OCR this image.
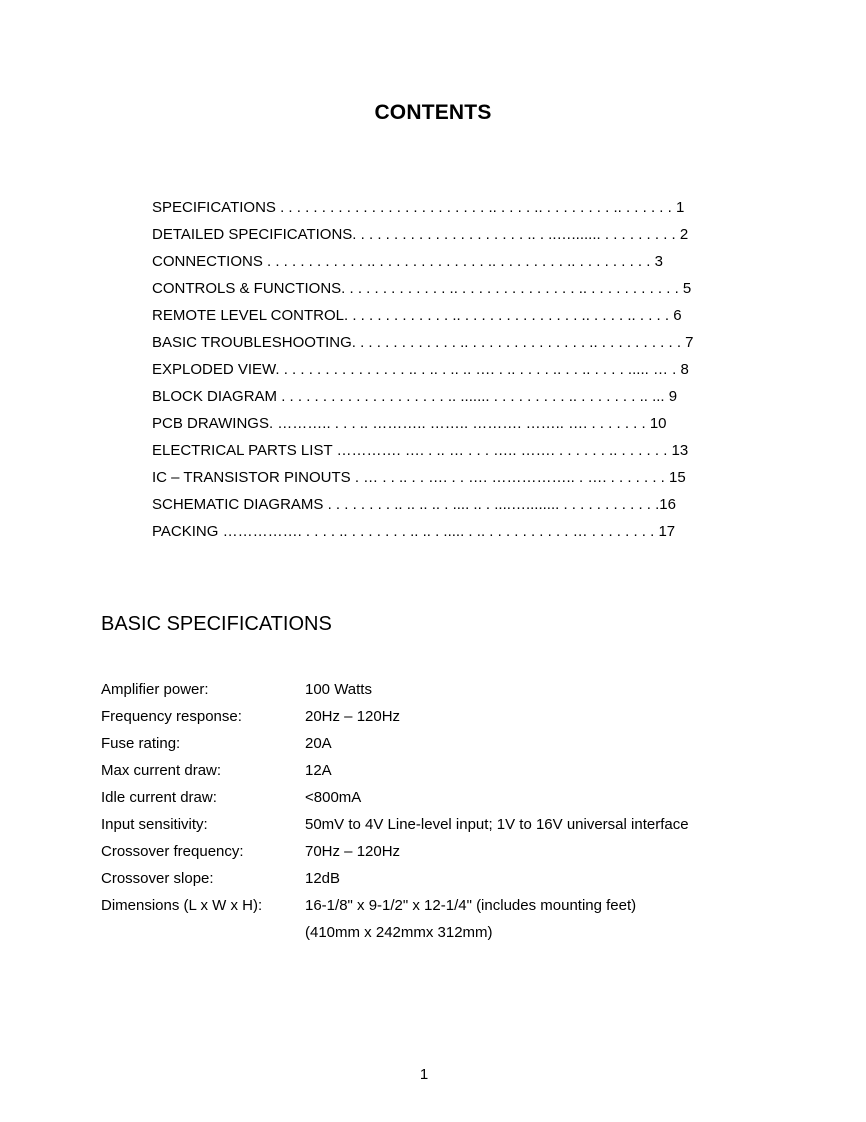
CONTENTS
SPECIFICATIONS . . . . . . . . . . . . . . . . . . . . . . . . . .. . . . . .. . . . . . . . . .. . . . . . . 1
DETAILED SPECIFICATIONS. . . . . . . . . . . . . . . . . . . . . .. . ..…....... . . . . . . . . . 2
CONNECTIONS . . . . . . . . . . . . .. . . . . . . . . . . . . . .. . . . . . . . . .. . . . . . . . . . 3
CONTROLS & FUNCTIONS. . . . . . . . . . . . . .. . . . . . . . . . . . . . . .. . . . . . . . . . . . 5
REMOTE LEVEL CONTROL. . . . . . . . . . . . . .. . . . . . . . . . . . . . . .. . . . . .. . . . . 6
BASIC TROUBLESHOOTING. . . . . . . . . . . . . .. . . . . . . . . . . . . . . .. . . . . . . . . . . 7
EXPLODED VIEW. . . . . . . . . . . . . . . . .. . .. . .. .. …. . .. . . . . .. . . .. . . . . ..... … . 8
BLOCK DIAGRAM . . . . . . . . . . . . . . . . . . . . .. ....... . . . . . . . . . .. . . . . . . . .. ... 9
PCB DRAWINGS. ……….. . . . .. ……….. …….. ………. …….. …. . . . . . . . 10
ELECTRICAL PARTS LIST …………. …. . .. … . . . ….. ……. . . . . . . .. . . . . . . 13
IC – TRANSISTOR PINOUTS . … . . .. . . …. . . …. …………….. . …. . . . . . . . 15
SCHEMATIC DIAGRAMS . . . . . . . . .. .. .. .. . .... .. . ....…........ . . . . . . . . . . . .16
PACKING ……………. . . . . .. . . . . . . . .. .. . ..... . .. . . . . . . . . . . … . . . . . . . . 17
BASIC SPECIFICATIONS
Amplifier power:	100 Watts
Frequency response:	20Hz – 120Hz
Fuse rating:	20A
Max current draw:	12A
Idle current draw:	<800mA
Input sensitivity:	50mV to 4V Line-level input; 1V to 16V universal interface
Crossover frequency:	70Hz – 120Hz
Crossover slope:	12dB
Dimensions (L x W x H):	16-1/8" x 9-1/2" x 12-1/4" (includes mounting feet)
(410mm x 242mmx 312mm)
1
